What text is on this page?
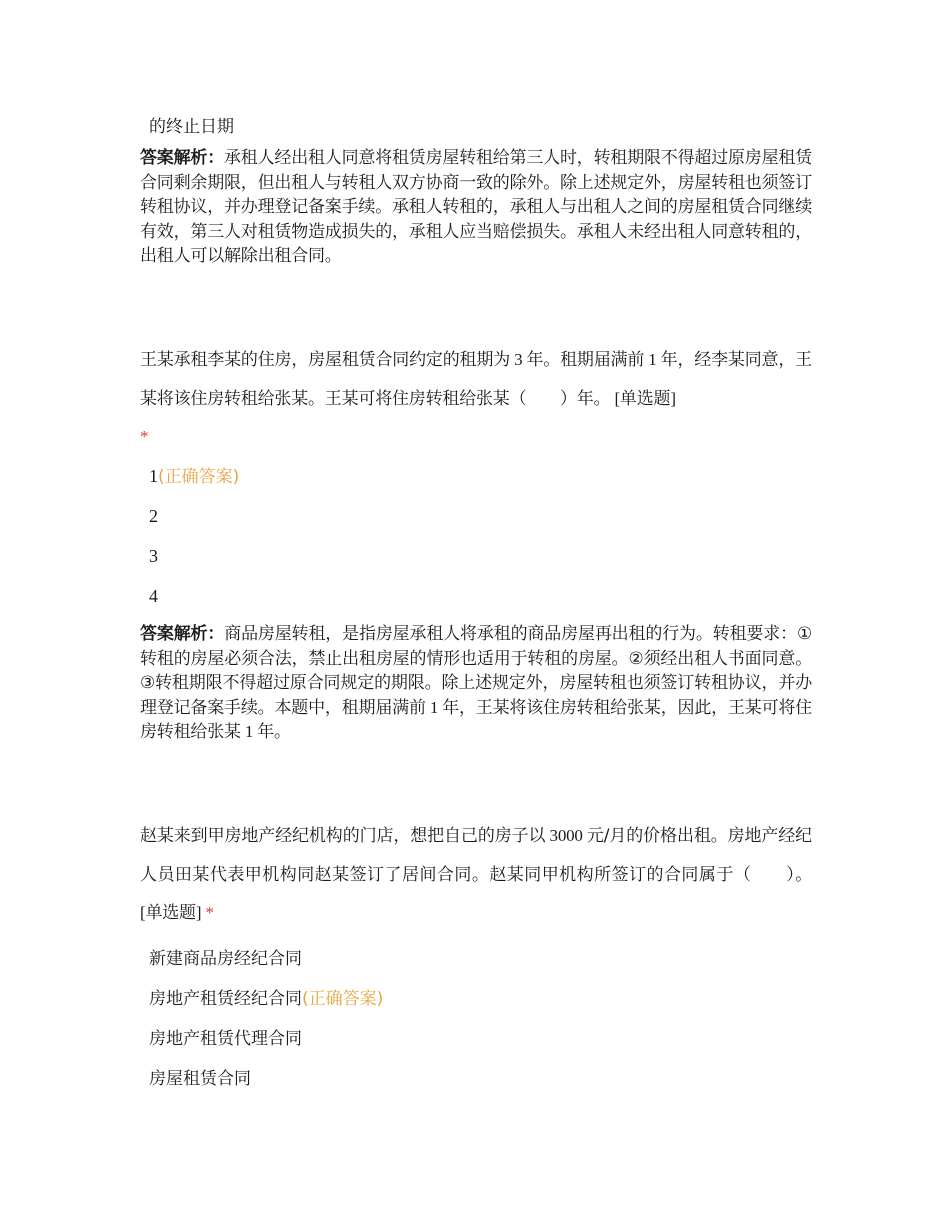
的终止日期
答案解析：承租人经出租人同意将租赁房屋转租给第三人时，转租期限不得超过原房屋租赁合同剩余期限，但出租人与转租人双方协商一致的除外。除上述规定外，房屋转租也须签订转租协议，并办理登记备案手续。承租人转租的，承租人与出租人之间的房屋租赁合同继续有效，第三人对租赁物造成损失的，承租人应当赔偿损失。承租人未经出租人同意转租的，出租人可以解除出租合同。
王某承租李某的住房，房屋租赁合同约定的租期为 3 年。租期届满前 1 年，经李某同意，王某将该住房转租给张某。王某可将住房转租给张某（　　）年。 [单选题]
*
1(正确答案)
2
3
4
答案解析：商品房屋转租，是指房屋承租人将承租的商品房屋再出租的行为。转租要求：①转租的房屋必须合法，禁止出租房屋的情形也适用于转租的房屋。②须经出租人书面同意。③转租期限不得超过原合同规定的期限。除上述规定外，房屋转租也须签订转租协议，并办理登记备案手续。本题中，租期届满前 1 年，王某将该住房转租给张某，因此，王某可将住房转租给张某 1 年。
赵某来到甲房地产经纪机构的门店，想把自己的房子以 3000 元/月的价格出租。房地产经纪人员田某代表甲机构同赵某签订了居间合同。赵某同甲机构所签订的合同属于（　　）。 [单选题] *
新建商品房经纪合同
房地产租赁经纪合同(正确答案)
房地产租赁代理合同
房屋租赁合同
